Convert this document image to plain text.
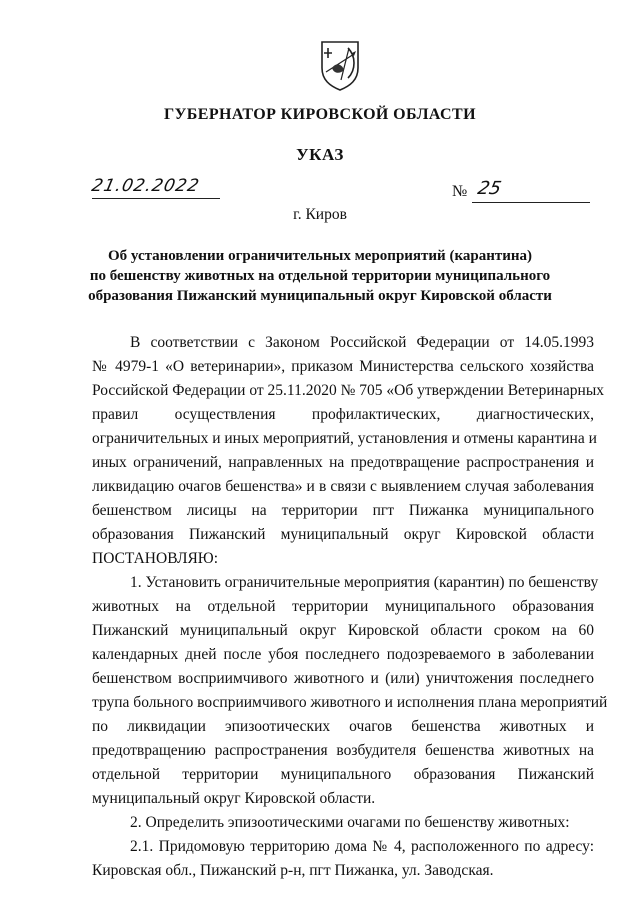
ГУБЕРНАТОР КИРОВСКОЙ ОБЛАСТИ
УКАЗ
21.02.2022	№ 25
г. Киров
Об установлении ограничительных мероприятий (карантина)
по бешенству животных на отдельной территории муниципального
образования Пижанский муниципальный округ Кировской области
В соответствии с Законом Российской Федерации от 14.05.1993
№ 4979-1 «О ветеринарии», приказом Министерства сельского хозяйства
Российской Федерации от 25.11.2020 № 705 «Об утверждении Ветеринарных
правил осуществления профилактических, диагностических,
ограничительных и иных мероприятий, установления и отмены карантина и
иных ограничений, направленных на предотвращение распространения и
ликвидацию очагов бешенства» и в связи с выявлением случая заболевания
бешенством лисицы на территории пгт Пижанка муниципального
образования Пижанский муниципальный округ Кировской области
ПОСТАНОВЛЯЮ:
1. Установить ограничительные мероприятия (карантин) по бешенству
животных на отдельной территории муниципального образования
Пижанский муниципальный округ Кировской области сроком на 60
календарных дней после убоя последнего подозреваемого в заболевании
бешенством восприимчивого животного и (или) уничтожения последнего
трупа больного восприимчивого животного и исполнения плана мероприятий
по ликвидации эпизоотических очагов бешенства животных и
предотвращению распространения возбудителя бешенства животных на
отдельной территории муниципального образования Пижанский
муниципальный округ Кировской области.
2. Определить эпизоотическими очагами по бешенству животных:
2.1. Придомовую территорию дома № 4, расположенного по адресу:
Кировская обл., Пижанский р-н, пгт Пижанка, ул. Заводская.
